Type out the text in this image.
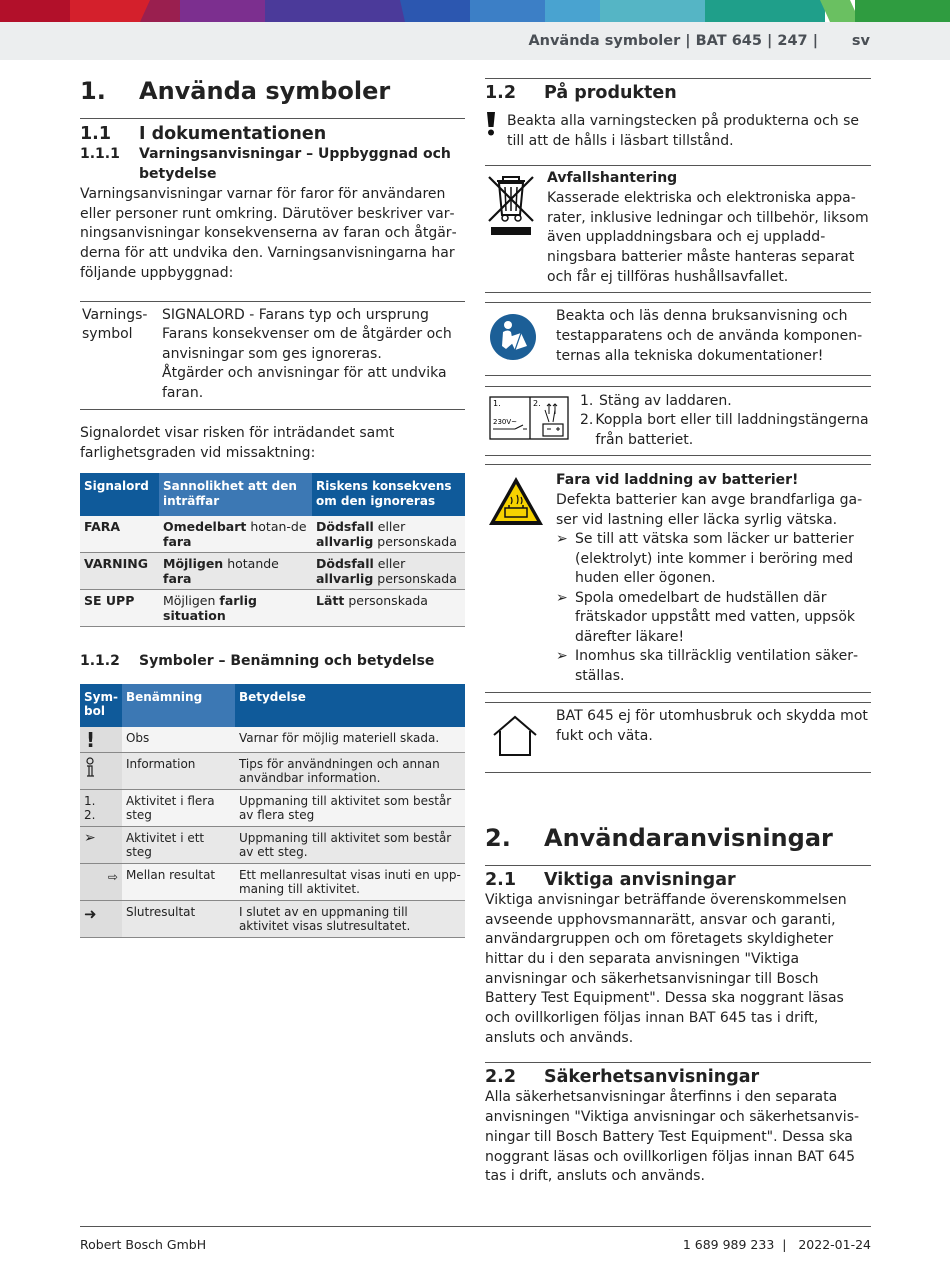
Använda symboler | BAT 645 | 247 | sv
1.	Använda symboler
1.1	I dokumentationen
1.1.1	Varningsanvisningar – Uppbyggnad och betydelse

Varningsanvisningar varnar för faror för användaren eller personer runt omkring. Därutöver beskriver varningsanvisningar konsekvenserna av faran och åtgärderna för att undvika den. Varningsanvisningarna har följande uppbyggnad:

Varningssymbol
SIGNALORD - Farans typ och ursprung
Farans konsekvenser om de åtgärder och anvisningar som ges ignoreras.
Åtgärder och anvisningar för att undvika faran.

Signalordet visar risken för inträdandet samt farlighetsgraden vid missaktning:

Signalord	Sannolikhet att den inträffar	Riskens konsekvens om den ignoreras
FARA	Omedelbart hotan-de fara	Dödsfall eller allvarlig personskada
VARNING	Möjligen hotande fara	Dödsfall eller allvarlig personskada
SE UPP	Möjligen farlig situation	Lätt personskada
1.1.2	Symboler – Benämning och betydelse
Symbol	Benämning	Betydelse
!	Obs	Varnar för möjlig materiell skada.
	Information	Tips för användningen och annan användbar information.
1.
2.	Aktivitet i flera steg	Uppmaning till aktivitet som består av flera steg
➢	Aktivitet i ett steg	Uppmaning till aktivitet som består av ett steg.
⇨	Mellan resultat	Ett mellanresultat visas inuti en uppmaning till aktivitet.
➜	Slutresultat	I slutet av en uppmaning till aktivitet visas slutresultatet.
1.2	På produkten

Beakta alla varningstecken på produkterna och se till att de hålls i läsbart tillstånd.

Avfallshantering

Kasserade elektriska och elektroniska apparater, inklusive ledningar och tillbehör, liksom även uppladdningsbara och ej uppladdningsbara batterier måste hanteras separat och får ej tillföras hushållsavfallet.

Beakta och läs denna bruksanvisning och testapparatens och de använda komponenternas alla tekniska dokumentationer!

1.	2.
230V~
1. Stäng av laddaren.
2. Koppla bort eller till laddningstängerna från batteriet.
Fara vid laddning av batterier!

Defekta batterier kan avge brandfarliga gaser vid lastning eller läcka syrlig vätska.

➢ Se till att vätska som läcker ur batterier (elektrolyt) inte kommer i beröring med huden eller ögonen.
➢ Spola omedelbart de hudställen där frätskador uppstått med vatten, uppsök därefter läkare!
➢ Inomhus ska tillräcklig ventilation säkerställas.

BAT 645 ej för utomhusbruk och skydda mot fukt och väta.

2.	Användaranvisningar
2.1	Viktiga anvisningar

Viktiga anvisningar beträffande överenskommelsen avseende upphovsmannarätt, ansvar och garanti, användargruppen och om företagets skyldigheter hittar du i den separata anvisningen "Viktiga anvisningar och säkerhetsanvisningar till Bosch Battery Test Equipment". Dessa ska noggrant läsas och ovillkorligen följas innan BAT 645 tas i drift, ansluts och används.

2.2	Säkerhetsanvisningar

Alla säkerhetsanvisningar återfinns i den separata anvisningen "Viktiga anvisningar och säkerhetsanvisningar till Bosch Battery Test Equipment". Dessa ska noggrant läsas och ovillkorligen följas innan BAT 645 tas i drift, ansluts och används.

Robert Bosch GmbH	1 689 989 233  |   2022-01-24
